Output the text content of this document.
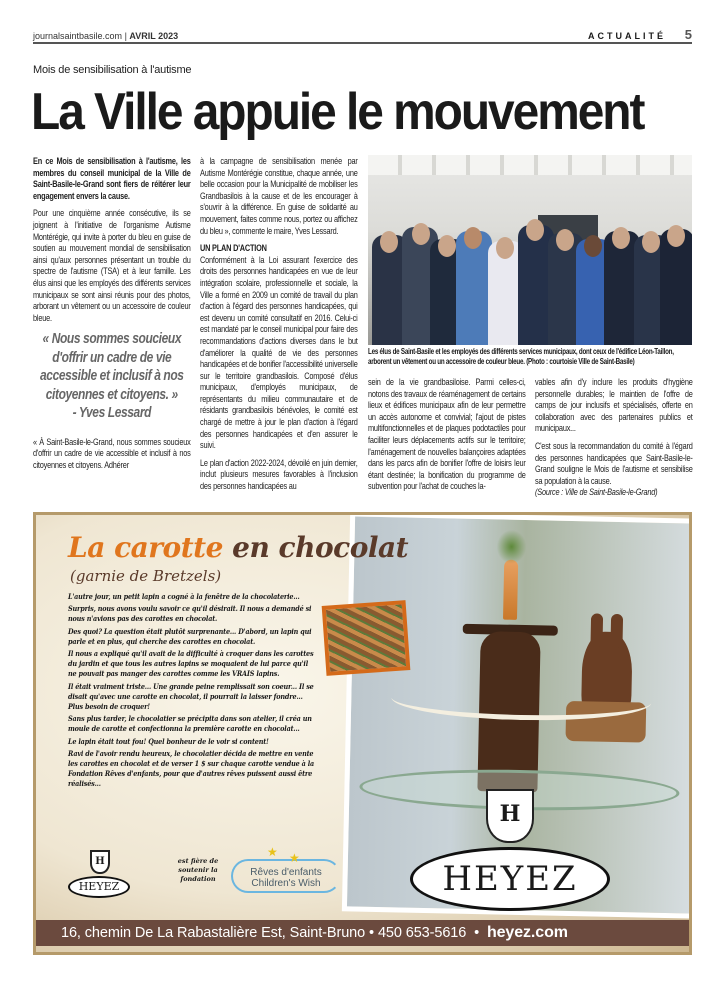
journalsaintbasile.com | AVRIL 2023	ACTUALITÉ 5
Mois de sensibilisation à l'autisme
La Ville appuie le mouvement

En ce Mois de sensibilisation à l'autisme, les membres du conseil municipal de la Ville de Saint-Basile-le-Grand sont fiers de réitérer leur engagement envers la cause.

Pour une cinquième année consécutive, ils se joignent à l'initiative de l'organisme Autisme Montérégie, qui invite à porter du bleu en guise de soutien au mouvement mondial de sensibilisation ainsi qu'aux personnes présentant un trouble du spectre de l'autisme (TSA) et à leur famille. Les élus ainsi que les employés des différents services municipaux se sont ainsi réunis pour des photos, arborant un vêtement ou un accessoire de couleur bleue.

« Nous sommes soucieux d'offrir un cadre de vie accessible et inclusif à nos citoyennes et citoyens. »
- Yves Lessard

« À Saint-Basile-le-Grand, nous sommes soucieux d'offrir un cadre de vie accessible et inclusif à nos citoyennes et citoyens. Adhérer

à la campagne de sensibilisation menée par Autisme Montérégie constitue, chaque année, une belle occasion pour la Municipalité de mobiliser les Grandbasilois à la cause et de les encourager à s'ouvrir à la différence. En guise de solidarité au mouvement, faites comme nous, portez ou affichez du bleu », commente le maire, Yves Lessard.

UN PLAN D'ACTION

Conformément à la Loi assurant l'exercice des droits des personnes handicapées en vue de leur intégration scolaire, professionnelle et sociale, la Ville a formé en 2009 un comité de travail du plan d'action à l'égard des personnes handicapées, qui est devenu un comité consultatif en 2016. Celui-ci est mandaté par le conseil municipal pour faire des recommandations d'actions diverses dans le but d'améliorer la qualité de vie des personnes handicapées et de bonifier l'accessibilité universelle sur le territoire grandbasilois. Composé d'élus municipaux, d'employés municipaux, de représentants du milieu communautaire et de résidants grandbasilois bénévoles, le comité est chargé de mettre à jour le plan d'action à l'égard des personnes handicapées et d'en assurer le suivi.

Le plan d'action 2022-2024, dévoilé en juin dernier, inclut plusieurs mesures favorables à l'inclusion des personnes handicapées au

Les élus de Saint-Basile et les employés des différents services municipaux, dont ceux de l'édifice Léon-Taillon, arborent un vêtement ou un accessoire de couleur bleue. (Photo : courtoisie Ville de Saint-Basile)

sein de la vie grandbasiloise. Parmi celles-ci, notons des travaux de réaménagement de certains lieux et édifices municipaux afin de leur permettre un accès autonome et convivial; l'ajout de pistes multifonctionnelles et de plaques podotactiles pour faciliter leurs déplacements actifs sur le territoire; l'aménagement de nouvelles balançoires adaptées dans les parcs afin de bonifier l'offre de loisirs leur étant destinée; la bonification du programme de subvention pour l'achat de couches la-

vables afin d'y inclure les produits d'hygiène personnelle durables; le maintien de l'offre de camps de jour inclusifs et spécialisés, offerte en collaboration avec des partenaires publics et municipaux...

C'est sous la recommandation du comité à l'égard des personnes handicapées que Saint-Basile-le-Grand souligne le Mois de l'autisme et sensibilise sa population à la cause.

(Source : Ville de Saint-Basile-le-Grand)

La carotte en chocolat
(garnie de Bretzels)

L'autre jour, un petit lapin a cogné à la fenêtre de la chocolaterie...

Surpris, nous avons voulu savoir ce qu'il désirait. Il nous a demandé si nous n'avions pas des carottes en chocolat.

Des quoi? La question était plutôt surprenante... D'abord, un lapin qui parle et en plus, qui cherche des carottes en chocolat.

Il nous a expliqué qu'il avait de la difficulté à croquer dans les carottes du jardin et que tous les autres lapins se moquaient de lui parce qu'il ne pouvait pas manger des carottes comme les VRAIS lapins.

Il était vraiment triste... Une grande peine remplissait son coeur... Il se disait qu'avec une carotte en chocolat, il pourrait la laisser fondre... Plus besoin de croquer!

Sans plus tarder, le chocolatier se précipita dans son atelier, il créa un moule de carotte et confectionna la première carotte en chocolat...

Le lapin était tout fou! Quel bonheur de le voir si content!

Ravi de l'avoir rendu heureux, le chocolatier décida de mettre en vente les carottes en chocolat et de verser 1 $ sur chaque carotte vendue à la Fondation Rêves d'enfants, pour que d'autres rêves puissent aussi être réalisés...

H
HEYEZ
est fière de soutenir la fondation
★ ★
Rêves d'enfants
Children's Wish
H
HEYEZ
16, chemin De La Rabastalière Est, Saint-Bruno • 450 653-5616  •  heyez.com
